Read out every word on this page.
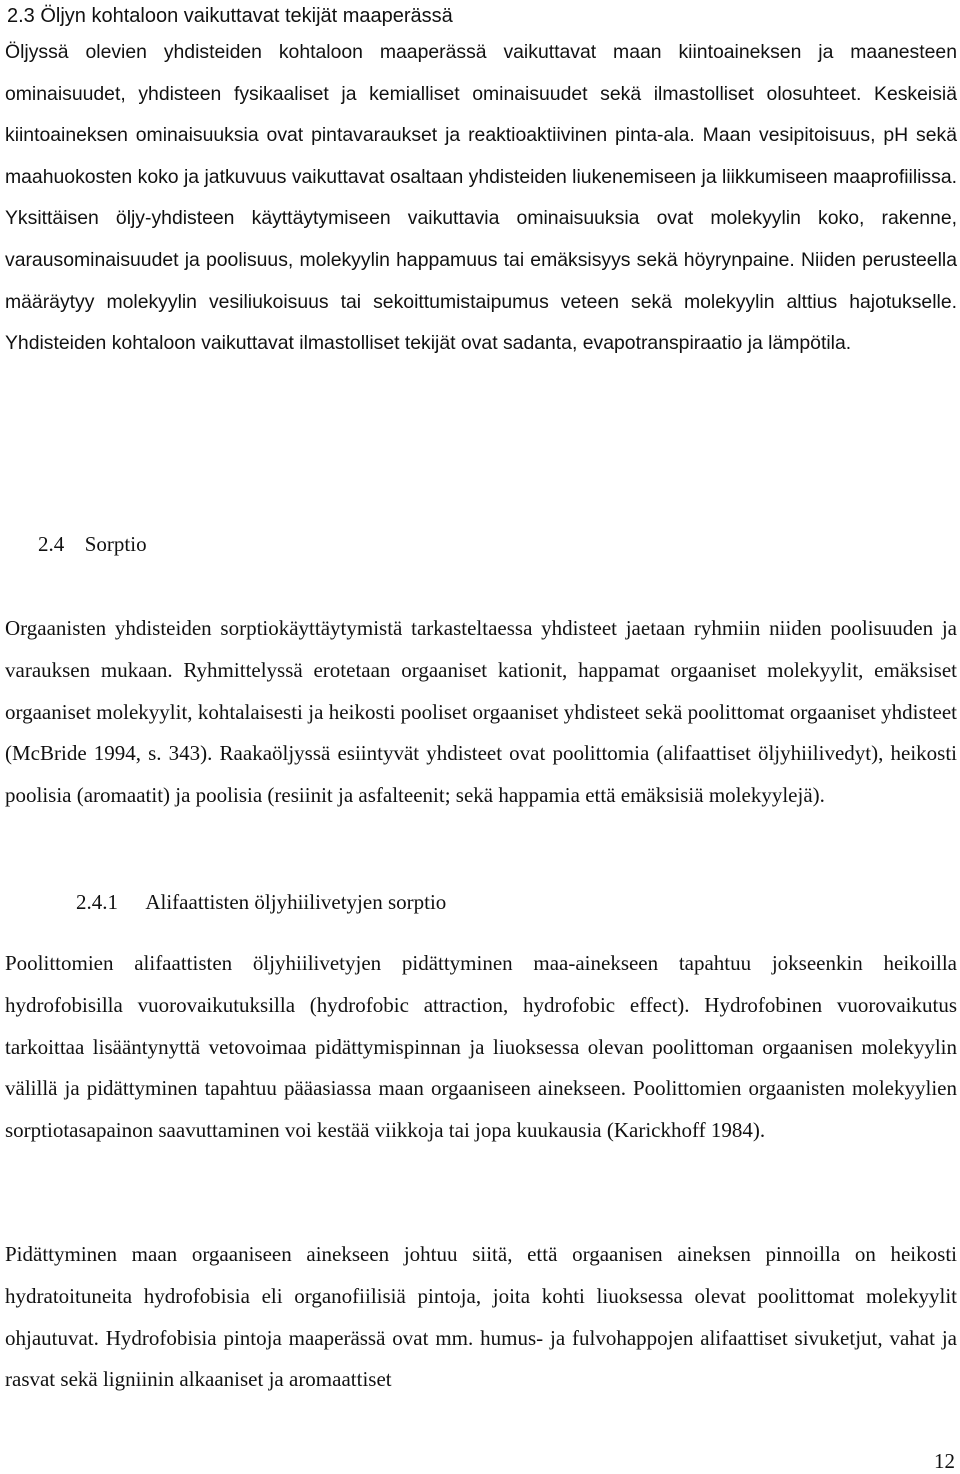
2.3 Öljyn kohtaloon vaikuttavat tekijät maaperässä

Öljyssä olevien yhdisteiden kohtaloon maaperässä vaikuttavat maan kiintoaineksen ja maanesteen ominaisuudet, yhdisteen fysikaaliset ja kemialliset ominaisuudet sekä ilmastolliset olosuhteet. Keskeisiä kiintoaineksen ominaisuuksia ovat pintavaraukset ja reaktioaktiivinen pinta-ala. Maan vesipitoisuus, pH sekä maahuokosten koko ja jatkuvuus vaikuttavat osaltaan yhdisteiden liukenemiseen ja liikkumiseen maaprofiilissa. Yksittäisen öljy-yhdisteen käyttäytymiseen vaikuttavia ominaisuuksia ovat molekyylin koko, rakenne, varausominaisuudet ja poolisuus, molekyylin happamuus tai emäksisyys sekä höyrynpaine. Niiden perusteella määräytyy molekyylin vesiliukoisuus tai sekoittumistaipumus veteen sekä molekyylin alttius hajotukselle. Yhdisteiden kohtaloon vaikuttavat ilmastolliset tekijät ovat sadanta, evapotranspiraatio ja lämpötila.

2.4 Sorptio

Orgaanisten yhdisteiden sorptiokäyttäytymistä tarkasteltaessa yhdisteet jaetaan ryhmiin niiden poolisuuden ja varauksen mukaan. Ryhmittelyssä erotetaan orgaaniset kationit, happamat orgaaniset molekyylit, emäksiset orgaaniset molekyylit, kohtalaisesti ja heikosti pooliset orgaaniset yhdisteet sekä poolittomat orgaaniset yhdisteet (McBride 1994, s. 343). Raakaöljyssä esiintyvät yhdisteet ovat poolittomia (alifaattiset öljyhiilivedyt), heikosti poolisia (aromaatit) ja poolisia (resiinit ja asfalteenit; sekä happamia että emäksisiä molekyylejä).

2.4.1 Alifaattisten öljyhiilivetyjen sorptio

Poolittomien alifaattisten öljyhiilivetyjen pidättyminen maa-ainekseen tapahtuu jokseenkin heikoilla hydrofobisilla vuorovaikutuksilla (hydrofobic attraction, hydrofobic effect). Hydrofobinen vuorovaikutus tarkoittaa lisääntynyttä vetovoimaa pidättymispinnan ja liuoksessa olevan poolittoman orgaanisen molekyylin välillä ja pidättyminen tapahtuu pääasiassa maan orgaaniseen ainekseen. Poolittomien orgaanisten molekyylien sorptiotasapainon saavuttaminen voi kestää viikkoja tai jopa kuukausia (Karickhoff 1984).

Pidättyminen maan orgaaniseen ainekseen johtuu siitä, että orgaanisen aineksen pinnoilla on heikosti hydratoituneita hydrofobisia eli organofiilisiä pintoja, joita kohti liuoksessa olevat poolittomat molekyylit ohjautuvat. Hydrofobisia pintoja maaperässä ovat mm. humus- ja fulvohappojen alifaattiset sivuketjut, vahat ja rasvat sekä ligniinin alkaaniset ja aromaattiset

12
